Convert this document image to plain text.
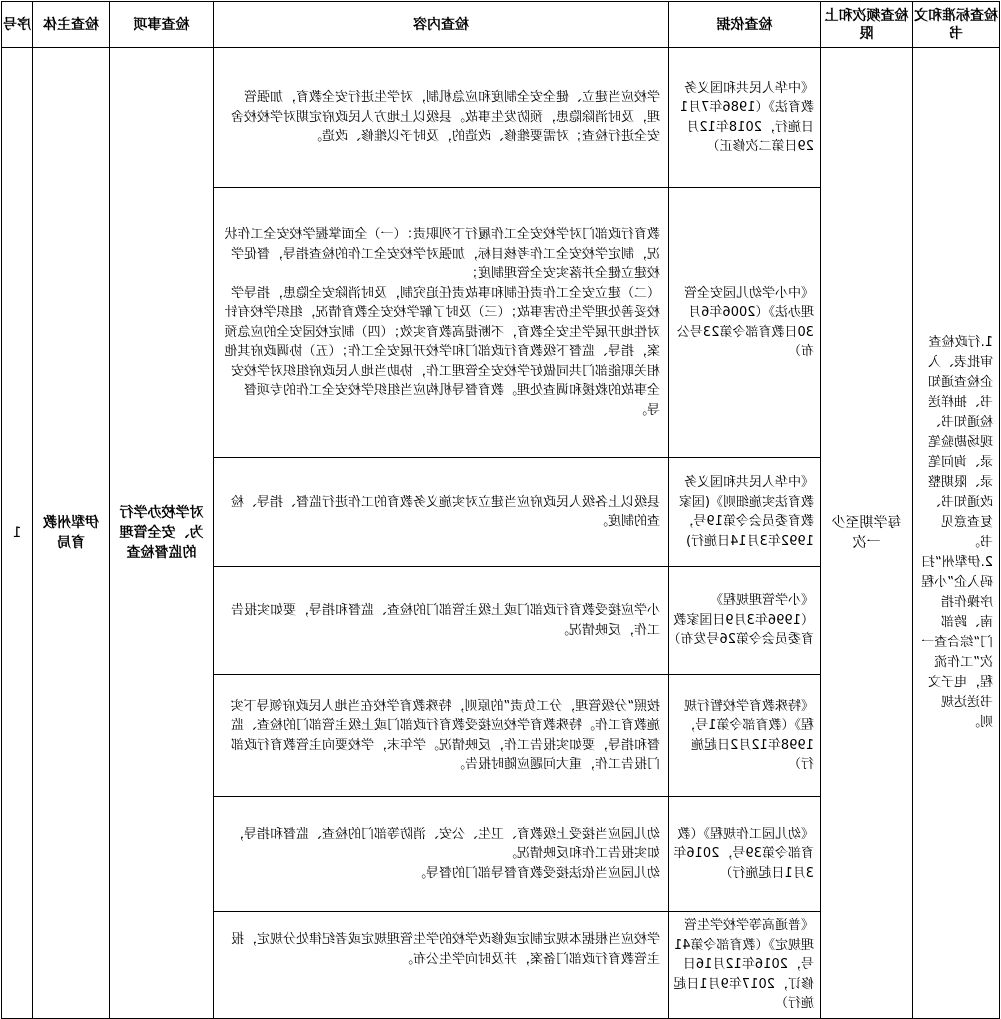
检查标准和文书	检查频次和上限	检查依据	检查内容	检查事项	检查主体	序号
1.行政检查审批表、入企检查通知书、抽样送检通知书、现场勘验笔录、询问笔录、限期整改通知书、复查意见书。
2.伊犁州“扫码入企”小程序操作指南、跨部门“综合查一次”工作流程，电子文书送达规则。	每学期至少一次	《中华人民共和国义务教育法》（1986年7月1日施行，2018年12月29日第二次修正）	学校应当建立、健全安全制度和应急机制，对学生进行安全教育，加强管理，及时消除隐患，预防发生事故。县级以上地方人民政府定期对学校校舍安全进行检查；对需要维修、改造的，及时予以维修、改造。	对学校办学行为、安全管理的监督检查	伊犁州教育局	1
		《中小学幼儿园安全管理办法》（2006年6月30日教育部令第23号公布）	教育行政部门对学校安全工作履行下列职责：（一）全面掌握学校安全工作状况，制定学校安全工作考核目标，加强对学校安全工作的检查指导，督促学校建立健全并落实安全管理制度；
（二）建立安全工作责任制和事故责任追究制，及时消除安全隐患，指导学校妥善处理学生伤害事故；（三）及时了解学校安全教育情况，组织学校有针对性地开展学生安全教育，不断提高教育实效；（四）制定校园安全的应急预案，指导、监督下级教育行政部门和学校开展安全工作；（五）协调政府其他相关职能部门共同做好学校安全管理工作，协助当地人民政府组织对学校安全事故的救援和调查处理。教育督导机构应当组织学校安全工作的专项督导。			
		《中华人民共和国义务教育法实施细则》(国家教育委员会令第19号，1992年3月14日施行)	县级以上各级人民政府应当建立对实施义务教育的工作进行监督、指导、检查的制度。			
		《小学管理规程》（1996年3月9日国家教育委员会令第26号发布）	小学应接受教育行政部门或上级主管部门的检查、监督和指导，要如实报告工作，反映情况。			
		《特殊教育学校暂行规程》（教育部令第1号，1998年12月2日起施行）	按照“分级管理，分工负责”的原则，特殊教育学校在当地人民政府领导下实施教育工作。特殊教育学校应接受教育行政部门或上级主管部门的检查、监督和指导，要如实报告工作，反映情况。学年末，学校要向主管教育行政部门报告工作，重大问题应随时报告。			
		《幼儿园工作规程》（教育部令第39号，2016年3月1日起施行）	幼儿园应当接受上级教育、卫生、公安、消防等部门的检查、监督和指导，如实报告工作和反映情况。
幼儿园应当依法接受教育督导部门的督导。			
		《普通高等学校学生管理规定》（教育部令第41号，2016年12月16日修订，2017年9月1日起施行）	学校应当根据本规定制定或修改学校的学生管理规定或者纪律处分规定，报主管教育行政部门备案，并及时向学生公布。			
